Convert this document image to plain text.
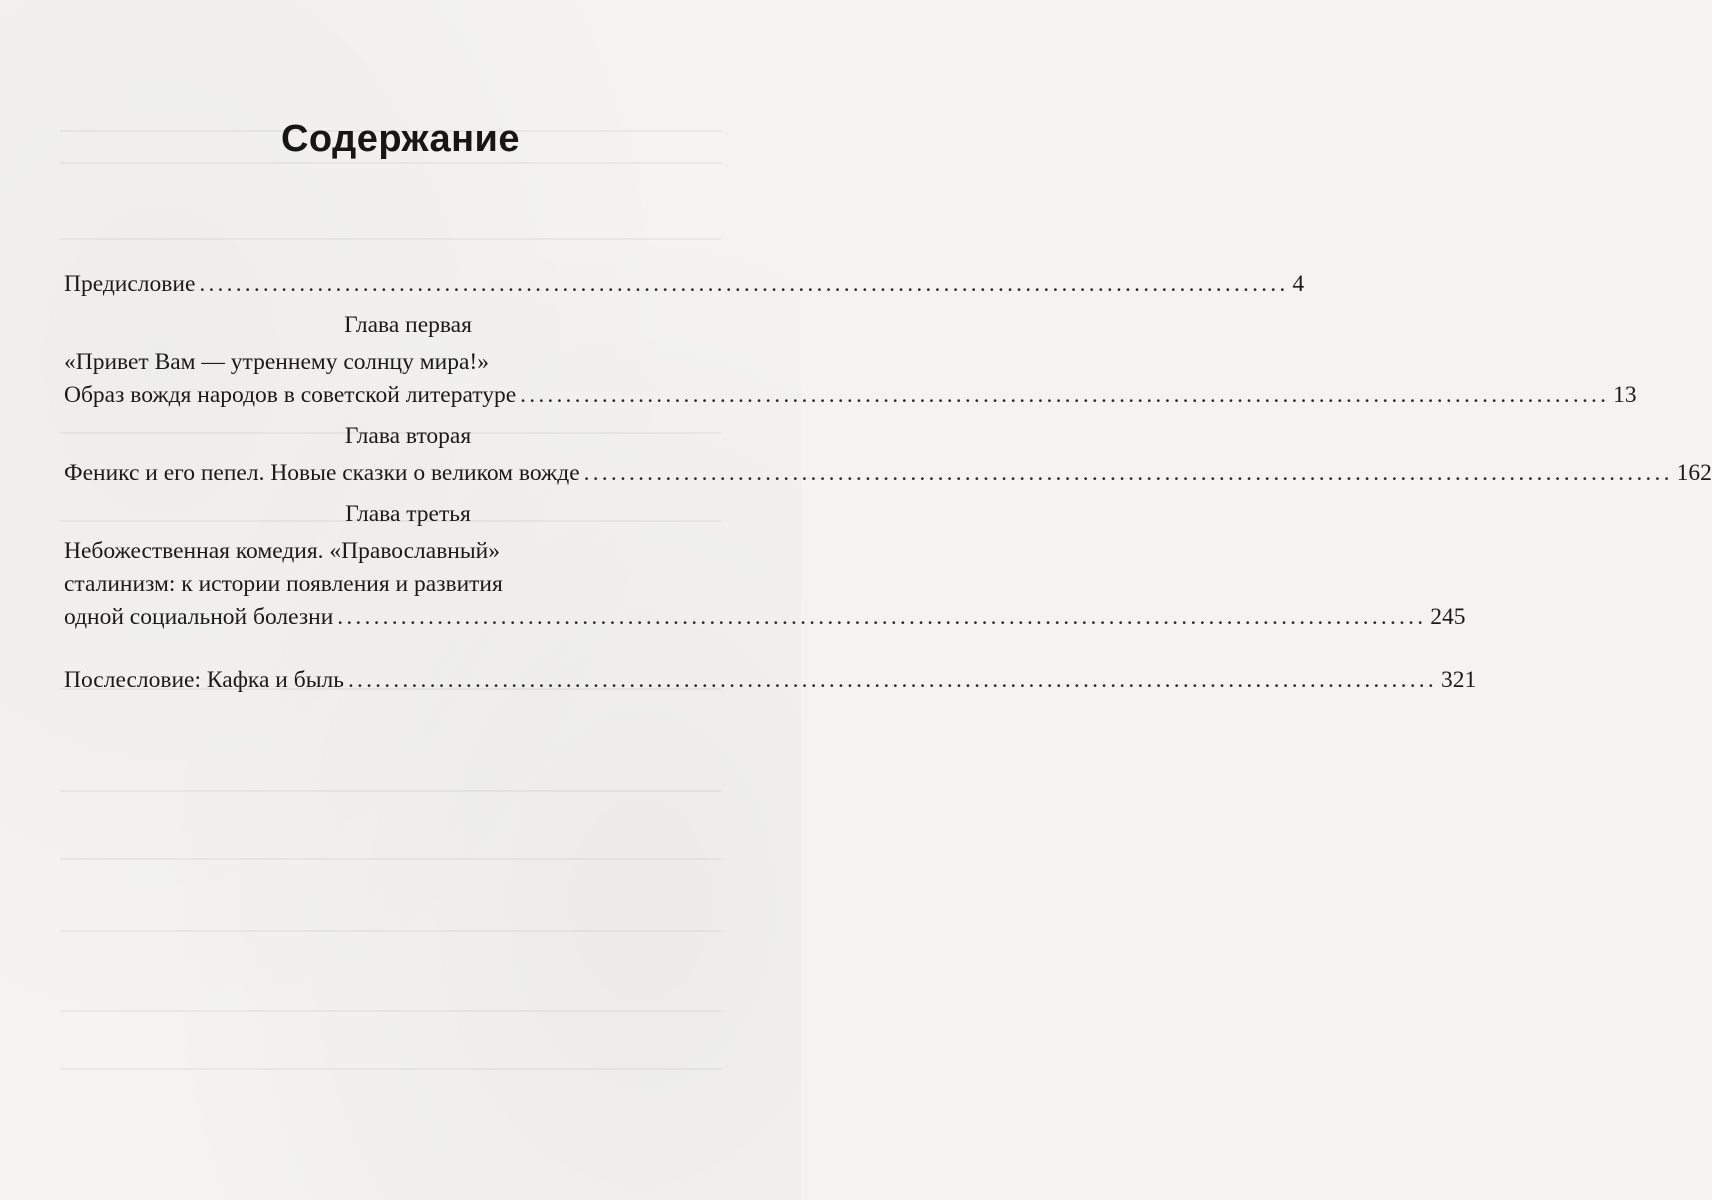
Содержание
Предисловие ........................................................................................................................ 4
Глава первая
«Привет Вам — утреннему солнцу мира!»
Образ вождя народов в советской литературе ........................................................................................................................ 13
Глава вторая
Феникс и его пепел. Новые сказки о великом вожде ........................................................................................................................ 162
Глава третья
Небожественная комедия. «Православный»
сталинизм: к истории появления и развития
одной социальной болезни ........................................................................................................................ 245
Послесловие: Кафка и быль ........................................................................................................................ 321
